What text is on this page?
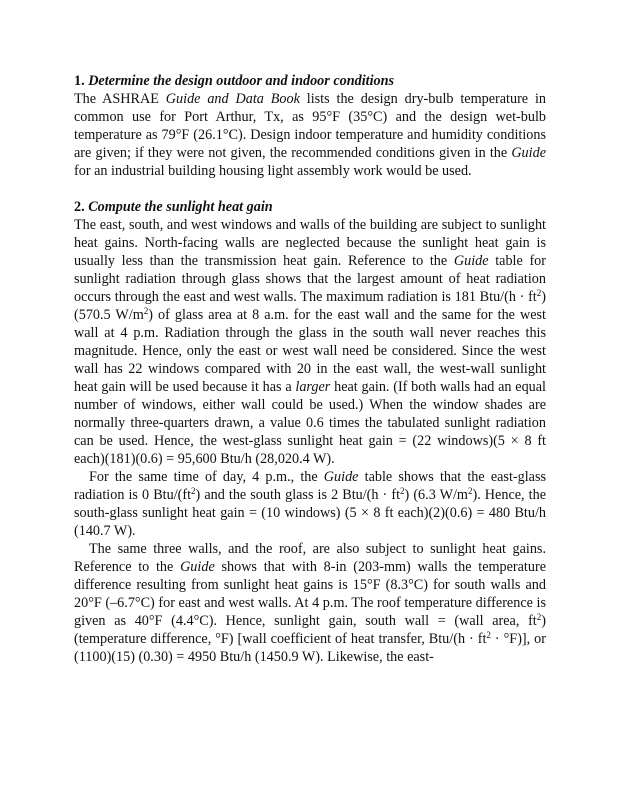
1. Determine the design outdoor and indoor conditions

The ASHRAE Guide and Data Book lists the design dry-bulb temperature in common use for Port Arthur, Tx, as 95°F (35°C) and the design wet-bulb temperature as 79°F (26.1°C). Design indoor temperature and humidity conditions are given; if they were not given, the recommended conditions given in the Guide for an industrial building housing light assembly work would be used.

2. Compute the sunlight heat gain

The east, south, and west windows and walls of the building are subject to sunlight heat gains. North-facing walls are neglected because the sunlight heat gain is usually less than the transmission heat gain. Reference to the Guide table for sunlight radiation through glass shows that the largest amount of heat radiation occurs through the east and west walls. The maximum radiation is 181 $Btu/(h \cdot ft^2)$ (570.5 $W/m^2$) of glass area at 8 a.m. for the east wall and the same for the west wall at 4 p.m. Radiation through the glass in the south wall never reaches this magnitude. Hence, only the east or west wall need be considered. Since the west wall has 22 windows compared with 20 in the east wall, the west-wall sunlight heat gain will be used because it has a larger heat gain. (If both walls had an equal number of windows, either wall could be used.) When the window shades are normally three-quarters drawn, a value 0.6 times the tabulated sunlight radiation can be used. Hence, the west-glass sunlight heat gain = (22 windows)(5 × 8 ft each)(181)(0.6) = 95,600 Btu/h (28,020.4 W).

For the same time of day, 4 p.m., the Guide table shows that the east-glass radiation is 0 Btu/$(ft^2)$ and the south glass is 2 $Btu/(h \cdot ft^2)$ (6.3 $W/m^2$). Hence, the south-glass sunlight heat gain = (10 windows) (5 × 8 ft each)(2)(0.6) = 480 Btu/h (140.7 W).

The same three walls, and the roof, are also subject to sunlight heat gains. Reference to the Guide shows that with 8-in (203-mm) walls the temperature difference resulting from sunlight heat gains is 15°F (8.3°C) for south walls and 20°F (–6.7°C) for east and west walls. At 4 p.m. The roof temperature difference is given as 40°F (4.4°C). Hence, sunlight gain, south wall = (wall area, $ft^2)(temperature$ difference, °F) [wall coefficient of heat transfer, $Btu/(h \cdot ft^2 \cdot ^\circ F)$], or (1100)(15) (0.30) = 4950 Btu/h (1450.9 W). Likewise, the east-
